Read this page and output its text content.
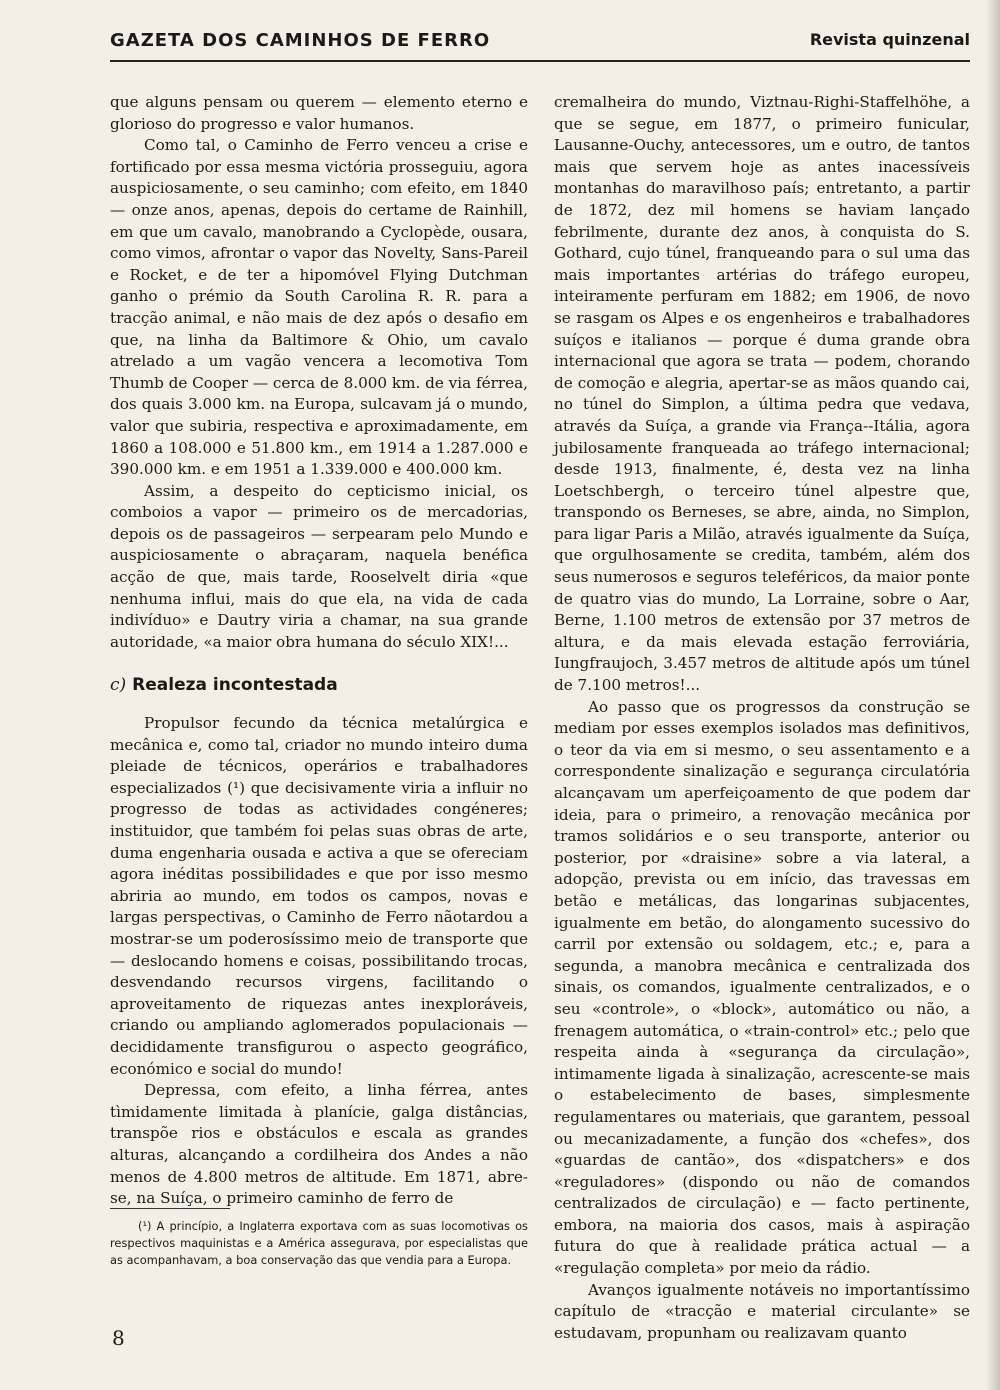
GAZETA DOS CAMINHOS DE FERRO	Revista quinzenal

que alguns pensam ou querem — elemento eterno e glorioso do progresso e valor humanos.

Como tal, o Caminho de Ferro venceu a crise e fortificado por essa mesma victória prosseguiu, agora auspiciosamente, o seu caminho; com efeito, em 1840 — onze anos, apenas, depois do certame de Rainhill, em que um cavalo, manobrando a Cyclopède, ousara, como vimos, afrontar o vapor das Novelty, Sans-Pareil e Rocket, e de ter a hipomóvel Flying Dutchman ganho o prémio da South Carolina R. R. para a tracção animal, e não mais de dez após o desafio em que, na linha da Baltimore & Ohio, um cavalo atrelado a um vagão vencera a lecomotiva Tom Thumb de Cooper — cerca de 8.000 km. de via férrea, dos quais 3.000 km. na Europa, sulcavam já o mundo, valor que subiria, respectiva e aproximadamente, em 1860 a 108.000 e 51.800 km., em 1914 a 1.287.000 e 390.000 km. e em 1951 a 1.339.000 e 400.000 km.

Assim, a despeito do cepticismo inicial, os comboios a vapor — primeiro os de mercadorias, depois os de passageiros — serpearam pelo Mundo e auspiciosamente o abraçaram, naquela benéfica acção de que, mais tarde, Rooselvelt diria «que nenhuma influi, mais do que ela, na vida de cada indivíduo» e Dautry viria a chamar, na sua grande autoridade, «a maior obra humana do século XIX!...

c) Realeza incontestada

Propulsor fecundo da técnica metalúrgica e mecânica e, como tal, criador no mundo inteiro duma pleiade de técnicos, operários e trabalhadores especializados (¹) que decisivamente viria a influir no progresso de todas as actividades congéneres; instituidor, que também foi pelas suas obras de arte, duma engenharia ousada e activa a que se ofereciam agora inéditas possibilidades e que por isso mesmo abriria ao mundo, em todos os campos, novas e largas perspectivas, o Caminho de Ferro nãotardou a mostrar-se um poderosíssimo meio de transporte que — deslocando homens e coisas, possibilitando trocas, desvendando recursos virgens, facilitando o aproveitamento de riquezas antes inexploráveis, criando ou ampliando aglomerados populacionais — decididamente transfigurou o aspecto geográfico, económico e social do mundo!

Depressa, com efeito, a linha férrea, antes tìmidamente limitada à planície, galga distâncias, transpõe rios e obstáculos e escala as grandes alturas, alcançando a cordilheira dos Andes a não menos de 4.800 metros de altitude. Em 1871, abre-se, na Suíça, o primeiro caminho de ferro de

cremalheira do mundo, Viztnau-Righi-Staffelhöhe, a que se segue, em 1877, o primeiro funicular, Lausanne-Ouchy, antecessores, um e outro, de tantos mais que servem hoje as antes inacessíveis montanhas do maravilhoso país; entretanto, a partir de 1872, dez mil homens se haviam lançado febrilmente, durante dez anos, à conquista do S. Gothard, cujo túnel, franqueando para o sul uma das mais importantes artérias do tráfego europeu, inteiramente perfuram em 1882; em 1906, de novo se rasgam os Alpes e os engenheiros e trabalhadores suíços e italianos — porque é duma grande obra internacional que agora se trata — podem, chorando de comoção e alegria, apertar-se as mãos quando cai, no túnel do Simplon, a última pedra que vedava, através da Suíça, a grande via França--Itália, agora jubilosamente franqueada ao tráfego internacional; desde 1913, finalmente, é, desta vez na linha Loetschbergh, o terceiro túnel alpestre que, transpondo os Berneses, se abre, ainda, no Simplon, para ligar Paris a Milão, através igualmente da Suíça, que orgulhosamente se credita, também, além dos seus numerosos e seguros teleféricos, da maior ponte de quatro vias do mundo, La Lorraine, sobre o Aar, Berne, 1.100 metros de extensão por 37 metros de altura, e da mais elevada estação ferroviária, Iungfraujoch, 3.457 metros de altitude após um túnel de 7.100 metros!...

Ao passo que os progressos da construção se mediam por esses exemplos isolados mas definitivos, o teor da via em si mesmo, o seu assentamento e a correspondente sinalização e segurança circulatória alcançavam um aperfeiçoamento de que podem dar ideia, para o primeiro, a renovação mecânica por tramos solidários e o seu transporte, anterior ou posterior, por «draisine» sobre a via lateral, a adopção, prevista ou em início, das travessas em betão e metálicas, das longarinas subjacentes, igualmente em betão, do alongamento sucessivo do carril por extensão ou soldagem, etc.; e, para a segunda, a manobra mecânica e centralizada dos sinais, os comandos, igualmente centralizados, e o seu «controle», o «block», automático ou não, a frenagem automática, o «train-control» etc.; pelo que respeita ainda à «segurança da circulação», intimamente ligada à sinalização, acrescente-se mais o estabelecimento de bases, simplesmente regulamentares ou materiais, que garantem, pessoal ou mecanizadamente, a função dos «chefes», dos «guardas de cantão», dos «dispatchers» e dos «reguladores» (dispondo ou não de comandos centralizados de circulação) e — facto pertinente, embora, na maioria dos casos, mais à aspiração futura do que à realidade prática actual — a «regulação completa» por meio da rádio.

Avanços igualmente notáveis no importantíssimo capítulo de «tracção e material circulante» se estudavam, propunham ou realizavam quanto

(¹) A princípio, a Inglaterra exportava com as suas locomotivas os respectivos maquinistas e a América assegurava, por especialistas que as acompanhavam, a boa conservação das que vendia para a Europa.
8
